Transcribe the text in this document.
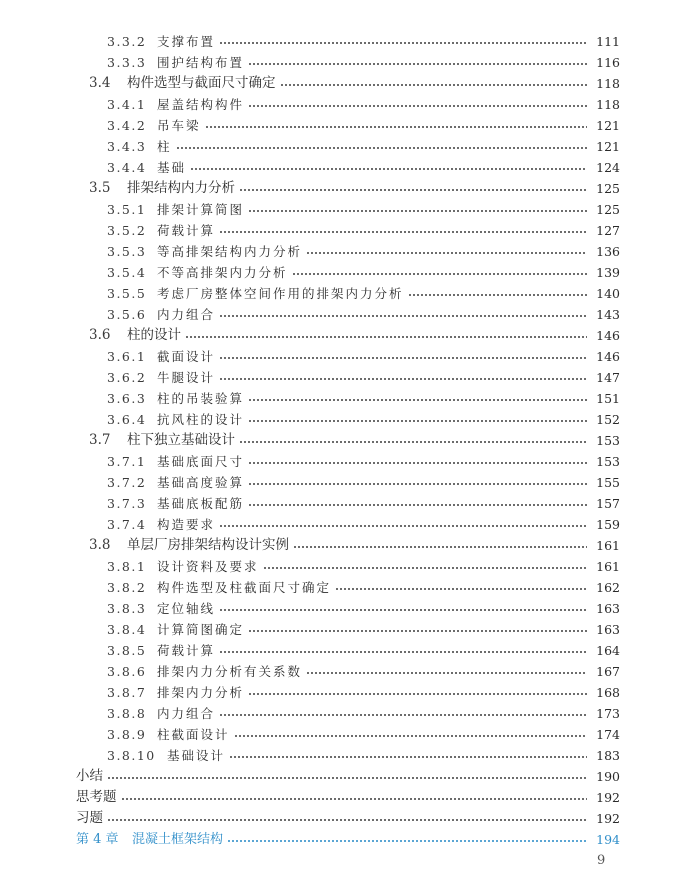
3.3.2 支撑布置	111
3.3.3 围护结构布置	116
3.4	构件选型与截面尺寸确定	118
3.4.1 屋盖结构构件	118
3.4.2 吊车梁	121
3.4.3 柱	121
3.4.4 基础	124
3.5	排架结构内力分析	125
3.5.1 排架计算简图	125
3.5.2 荷载计算	127
3.5.3 等高排架结构内力分析	136
3.5.4 不等高排架内力分析	139
3.5.5 考虑厂房整体空间作用的排架内力分析	140
3.5.6 内力组合	143
3.6	柱的设计	146
3.6.1 截面设计	146
3.6.2 牛腿设计	147
3.6.3 柱的吊装验算	151
3.6.4 抗风柱的设计	152
3.7	柱下独立基础设计	153
3.7.1 基础底面尺寸	153
3.7.2 基础高度验算	155
3.7.3 基础底板配筋	157
3.7.4 构造要求	159
3.8	单层厂房排架结构设计实例	161
3.8.1 设计资料及要求	161
3.8.2 构件选型及柱截面尺寸确定	162
3.8.3 定位轴线	163
3.8.4 计算简图确定	163
3.8.5 荷载计算	164
3.8.6 排架内力分析有关系数	167
3.8.7 排架内力分析	168
3.8.8 内力组合	173
3.8.9 柱截面设计	174
3.8.10 基础设计	183
小结	190
思考题	192
习题	192
第 4 章	混凝土框架结构	194
9
